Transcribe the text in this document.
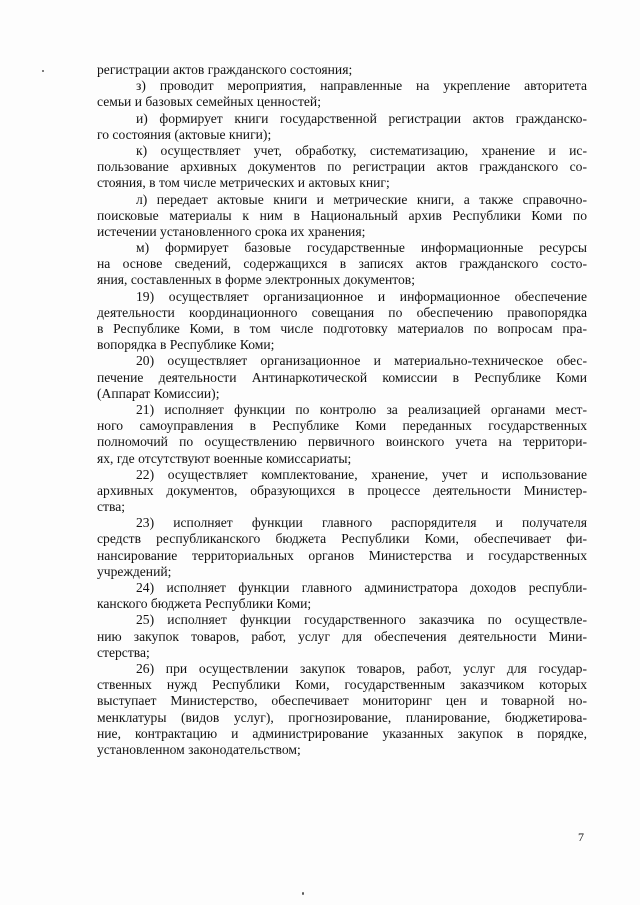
регистрации актов гражданского состояния;
з) проводит мероприятия, направленные на укрепление авторитета
семьи и базовых семейных ценностей;
и) формирует книги государственной регистрации актов гражданско-
го состояния (актовые книги);
к) осуществляет учет, обработку, систематизацию, хранение и ис-
пользование архивных документов по регистрации актов гражданского со-
стояния, в том числе метрических и актовых книг;
л) передает актовые книги и метрические книги, а также справочно-
поисковые материалы к ним в Национальный архив Республики Коми по
истечении установленного срока их хранения;
м) формирует базовые государственные информационные ресурсы
на основе сведений, содержащихся в записях актов гражданского состо-
яния, составленных в форме электронных документов;
19) осуществляет организационное и информационное обеспечение
деятельности координационного совещания по обеспечению правопорядка
в Республике Коми, в том числе подготовку материалов по вопросам пра-
вопорядка в Республике Коми;
20) осуществляет организационное и материально-техническое обес-
печение деятельности Антинаркотической комиссии в Республике Коми
(Аппарат Комиссии);
21) исполняет функции по контролю за реализацией органами мест-
ного самоуправления в Республике Коми переданных государственных
полномочий по осуществлению первичного воинского учета на территори-
ях, где отсутствуют военные комиссариаты;
22) осуществляет комплектование, хранение, учет и использование
архивных документов, образующихся в процессе деятельности Министер-
ства;
23) исполняет функции главного распорядителя и получателя
средств республиканского бюджета Республики Коми, обеспечивает фи-
нансирование территориальных органов Министерства и государственных
учреждений;
24) исполняет функции главного администратора доходов республи-
канского бюджета Республики Коми;
25) исполняет функции государственного заказчика по осуществле-
нию закупок товаров, работ, услуг для обеспечения деятельности Мини-
стерства;
26) при осуществлении закупок товаров, работ, услуг для государ-
ственных нужд Республики Коми, государственным заказчиком которых
выступает Министерство, обеспечивает мониторинг цен и товарной но-
менклатуры (видов услуг), прогнозирование, планирование, бюджетирова-
ние, контрактацию и администрирование указанных закупок в порядке,
установленном законодательством;
7
